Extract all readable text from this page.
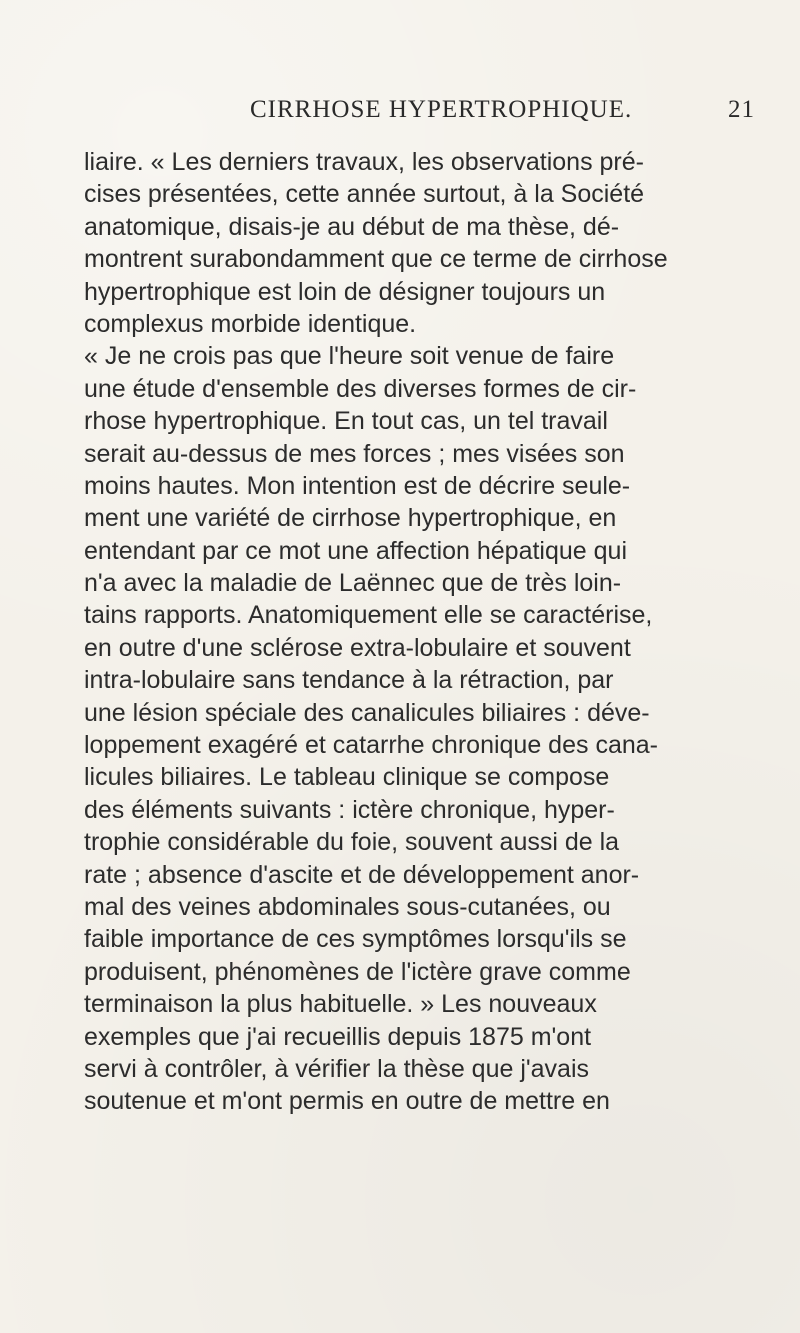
CIRRHOSE HYPERTROPHIQUE.	21
liaire. « Les derniers travaux, les observations pré-
cises présentées, cette année surtout, à la Société
anatomique, disais-je au début de ma thèse, dé-
montrent surabondamment que ce terme de cirrhose
hypertrophique est loin de désigner toujours un
complexus morbide identique.
« Je ne crois pas que l'heure soit venue de faire
une étude d'ensemble des diverses formes de cir-
rhose hypertrophique. En tout cas, un tel travail
serait au-dessus de mes forces ; mes visées son
moins hautes. Mon intention est de décrire seule-
ment une variété de cirrhose hypertrophique, en
entendant par ce mot une affection hépatique qui
n'a avec la maladie de Laënnec que de très loin-
tains rapports. Anatomiquement elle se caractérise,
en outre d'une sclérose extra-lobulaire et souvent
intra-lobulaire sans tendance à la rétraction, par
une lésion spéciale des canalicules biliaires : déve-
loppement exagéré et catarrhe chronique des cana-
licules biliaires. Le tableau clinique se compose
des éléments suivants : ictère chronique, hyper-
trophie considérable du foie, souvent aussi de la
rate ; absence d'ascite et de développement anor-
mal des veines abdominales sous-cutanées, ou
faible importance de ces symptômes lorsqu'ils se
produisent, phénomènes de l'ictère grave comme
terminaison la plus habituelle. » Les nouveaux
exemples que j'ai recueillis depuis 1875 m'ont
servi à contrôler, à vérifier la thèse que j'avais
soutenue et m'ont permis en outre de mettre en
